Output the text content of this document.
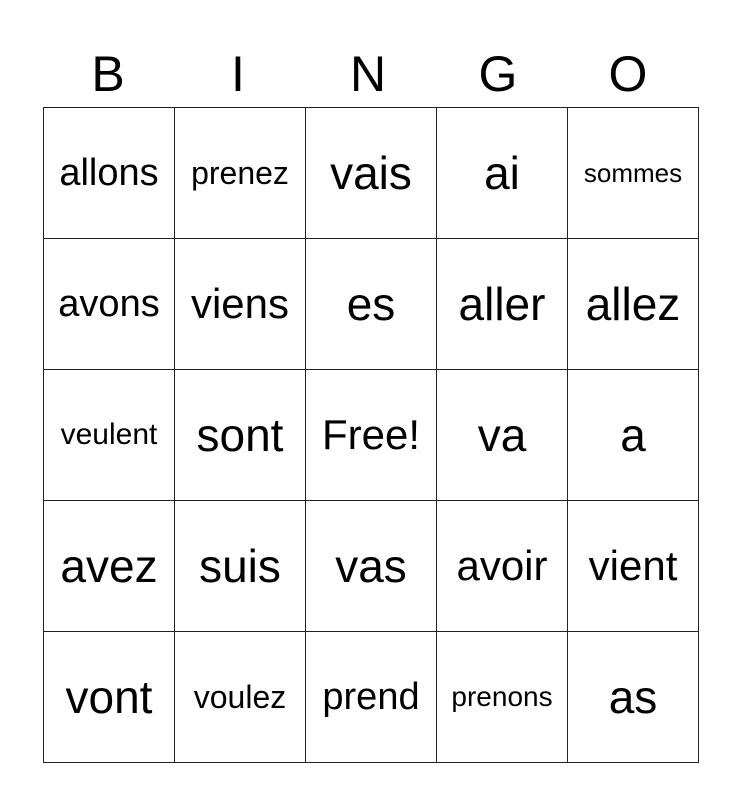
B	I	N	G	O
allons	prenez	vais	ai	sommes
avons	viens	es	aller	allez
veulent	sont	Free!	va	a
avez	suis	vas	avoir	vient
vont	voulez	prend	prenons	as
